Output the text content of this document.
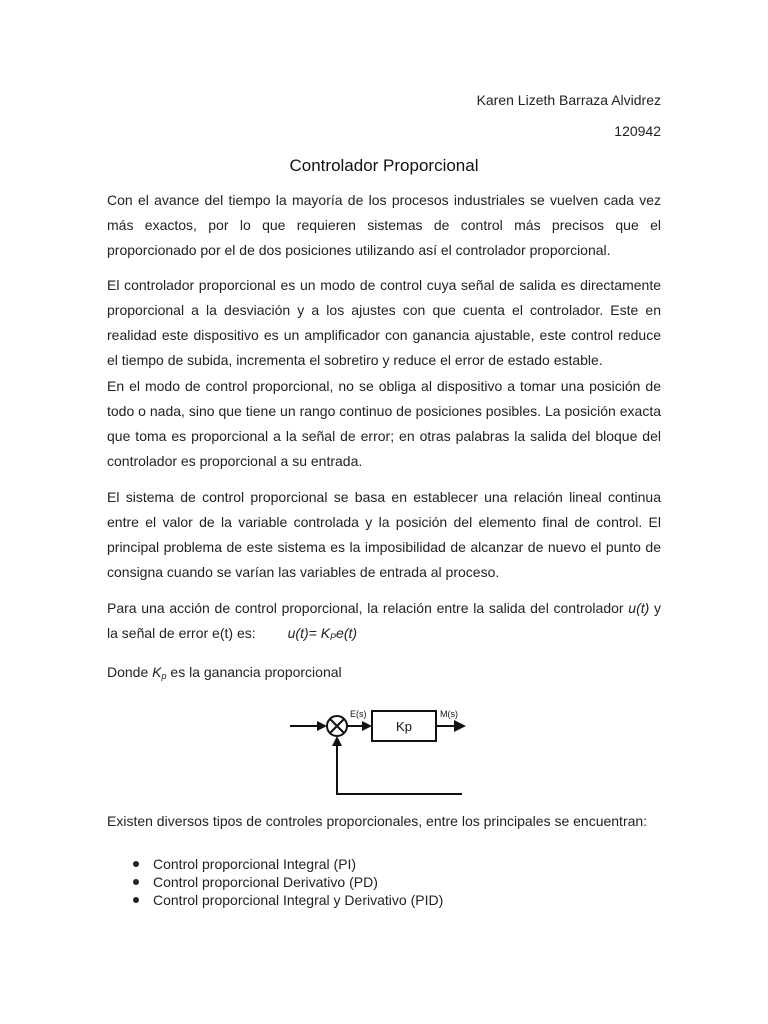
Karen Lizeth Barraza Alvidrez
120942
Controlador Proporcional

Con el avance del tiempo la mayoría de los procesos industriales se vuelven cada vez más exactos, por lo que requieren sistemas de control más precisos que el proporcionado por el de dos posiciones utilizando así el controlador proporcional.

El controlador proporcional es un modo de control cuya señal de salida es directamente proporcional a la desviación y a los ajustes con que cuenta el controlador. Este en realidad este dispositivo es un amplificador con ganancia ajustable, este control reduce el tiempo de subida, incrementa el sobretiro y reduce el error de estado estable.

En el modo de control proporcional, no se obliga al dispositivo a tomar una posición de todo o nada, sino que tiene un rango continuo de posiciones posibles. La posición exacta que toma es proporcional a la señal de error; en otras palabras la salida del bloque del controlador es proporcional a su entrada.

El sistema de control proporcional se basa en establecer una relación lineal continua entre el valor de la variable controlada y la posición del elemento final de control. El principal problema de este sistema es la imposibilidad de alcanzar de nuevo el punto de consigna cuando se varían las variables de entrada al proceso.

Para una acción de control proporcional, la relación entre la salida del controlador u(t) y la señal de error e(t) es: $u(t)= K_Pe(t)$

Donde $K_p$ es la ganancia proporcional

E(s)
Kp
M(s)
Existen diversos tipos de controles proporcionales, entre los principales se encuentran:
Control proporcional Integral (PI)
Control proporcional Derivativo (PD)
Control proporcional Integral y Derivativo (PID)
